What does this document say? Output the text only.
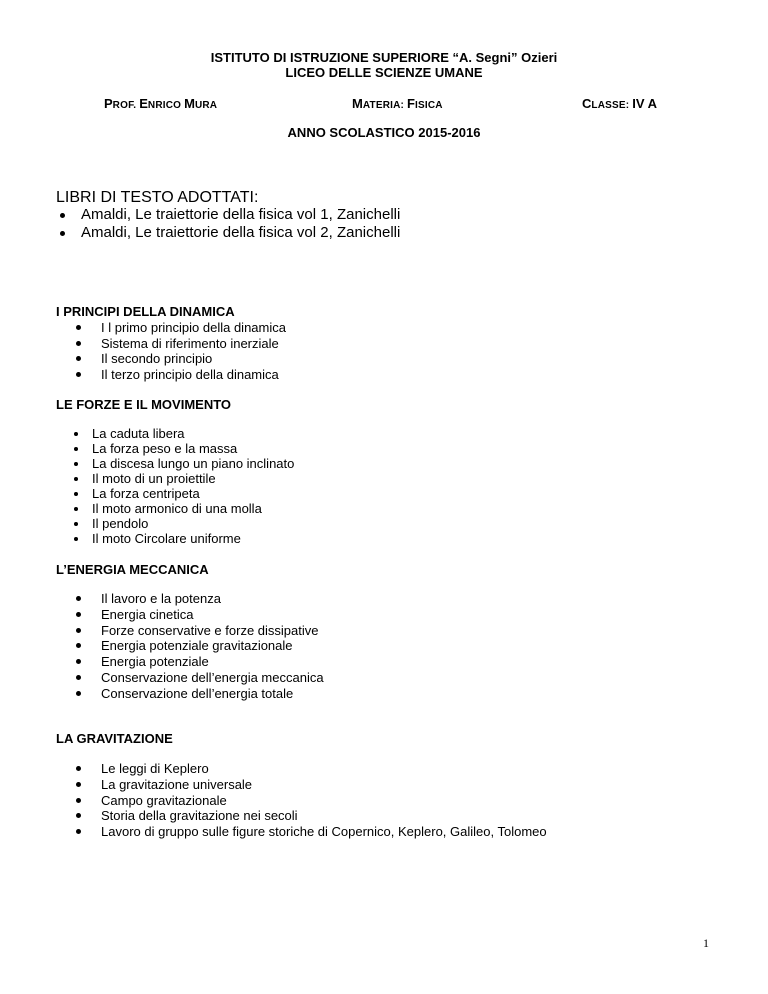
ISTITUTO DI ISTRUZIONE SUPERIORE “A. Segni” Ozieri
LICEO DELLE SCIENZE UMANE
PROF. ENRICO MURA	MATERIA: FISICA	CLASSE: IV A
ANNO SCOLASTICO 2015-2016
LIBRI DI TESTO ADOTTATI:
Amaldi, Le traiettorie della fisica vol 1, Zanichelli
Amaldi, Le traiettorie della fisica vol 2, Zanichelli
I PRINCIPI DELLA DINAMICA
I l primo principio della dinamica
Sistema di riferimento inerziale
Il secondo principio
Il terzo principio della dinamica
LE FORZE E IL MOVIMENTO
La caduta libera
La forza peso e la massa
La discesa lungo un piano inclinato
Il moto di un proiettile
La forza centripeta
Il moto armonico di una molla
Il pendolo
Il moto Circolare uniforme
L’ENERGIA MECCANICA
Il lavoro e la potenza
Energia cinetica
Forze conservative e forze dissipative
Energia potenziale gravitazionale
Energia potenziale
Conservazione dell’energia meccanica
Conservazione dell’energia totale
LA GRAVITAZIONE
Le leggi di Keplero
La gravitazione universale
Campo gravitazionale
Storia della gravitazione nei secoli
Lavoro di gruppo sulle figure storiche di Copernico, Keplero, Galileo, Tolomeo
1
